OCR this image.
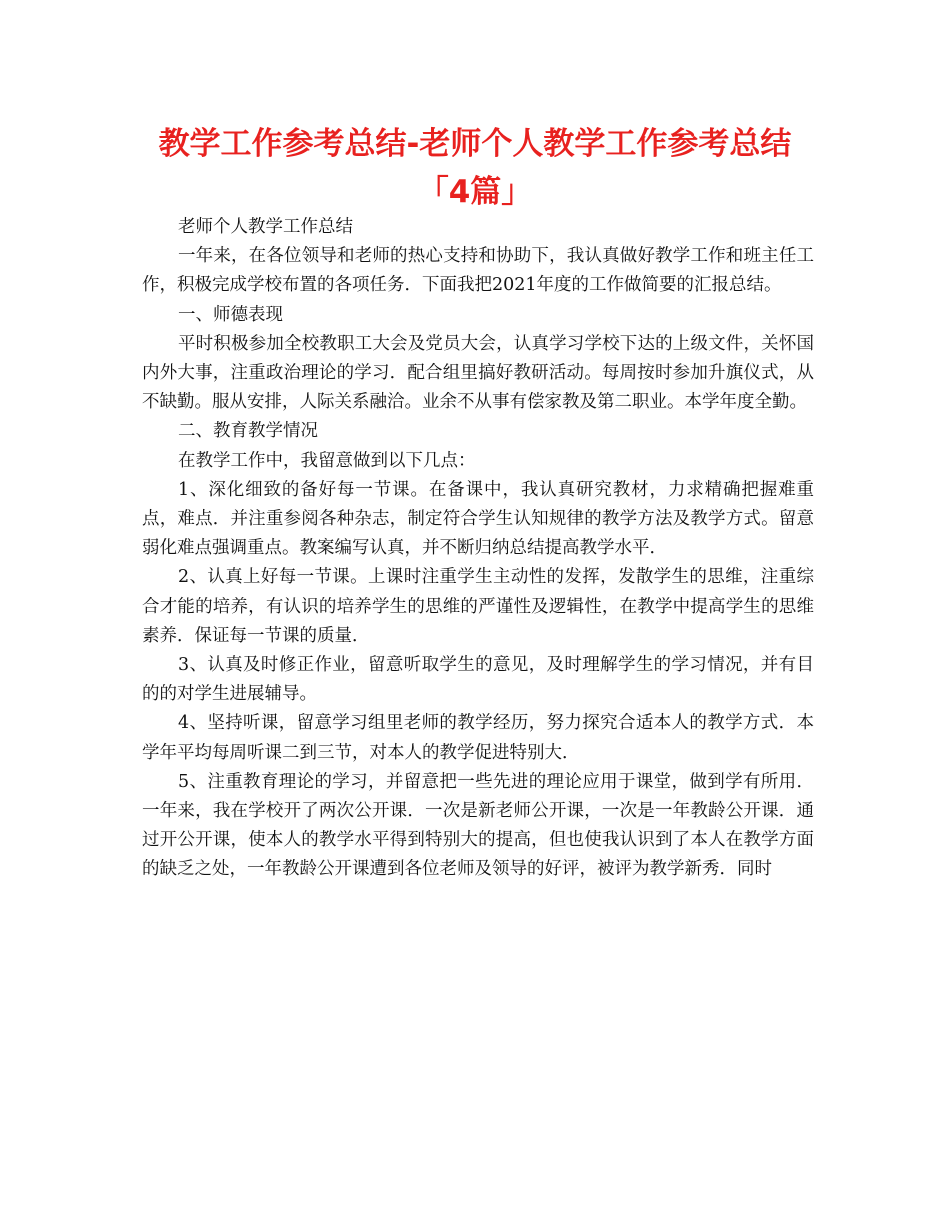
教学工作参考总结-老师个人教学工作参考总结「4篇」

老师个人教学工作总结

一年来，在各位领导和老师的热心支持和协助下，我认真做好教学工作和班主任工作，积极完成学校布置的各项任务．下面我把2021年度的工作做简要的汇报总结。

一、师德表现

平时积极参加全校教职工大会及党员大会，认真学习学校下达的上级文件，关怀国内外大事，注重政治理论的学习．配合组里搞好教研活动。每周按时参加升旗仪式，从不缺勤。服从安排，人际关系融洽。业余不从事有偿家教及第二职业。本学年度全勤。

二、教育教学情况

在教学工作中，我留意做到以下几点：

1、深化细致的备好每一节课。在备课中，我认真研究教材，力求精确把握难重点，难点．并注重参阅各种杂志，制定符合学生认知规律的教学方法及教学方式。留意弱化难点强调重点。教案编写认真，并不断归纳总结提高教学水平．

2、认真上好每一节课。上课时注重学生主动性的发挥，发散学生的思维，注重综合才能的培养，有认识的培养学生的思维的严谨性及逻辑性，在教学中提高学生的思维素养．保证每一节课的质量．

3、认真及时修正作业，留意听取学生的意见，及时理解学生的学习情况，并有目的的对学生进展辅导。

4、坚持听课，留意学习组里老师的教学经历，努力探究合适本人的教学方式．本学年平均每周听课二到三节，对本人的教学促进特别大．

5、注重教育理论的学习，并留意把一些先进的理论应用于课堂，做到学有所用．一年来，我在学校开了两次公开课．一次是新老师公开课，一次是一年教龄公开课．通过开公开课，使本人的教学水平得到特别大的提高，但也使我认识到了本人在教学方面的缺乏之处，一年教龄公开课遭到各位老师及领导的好评，被评为教学新秀．同时
